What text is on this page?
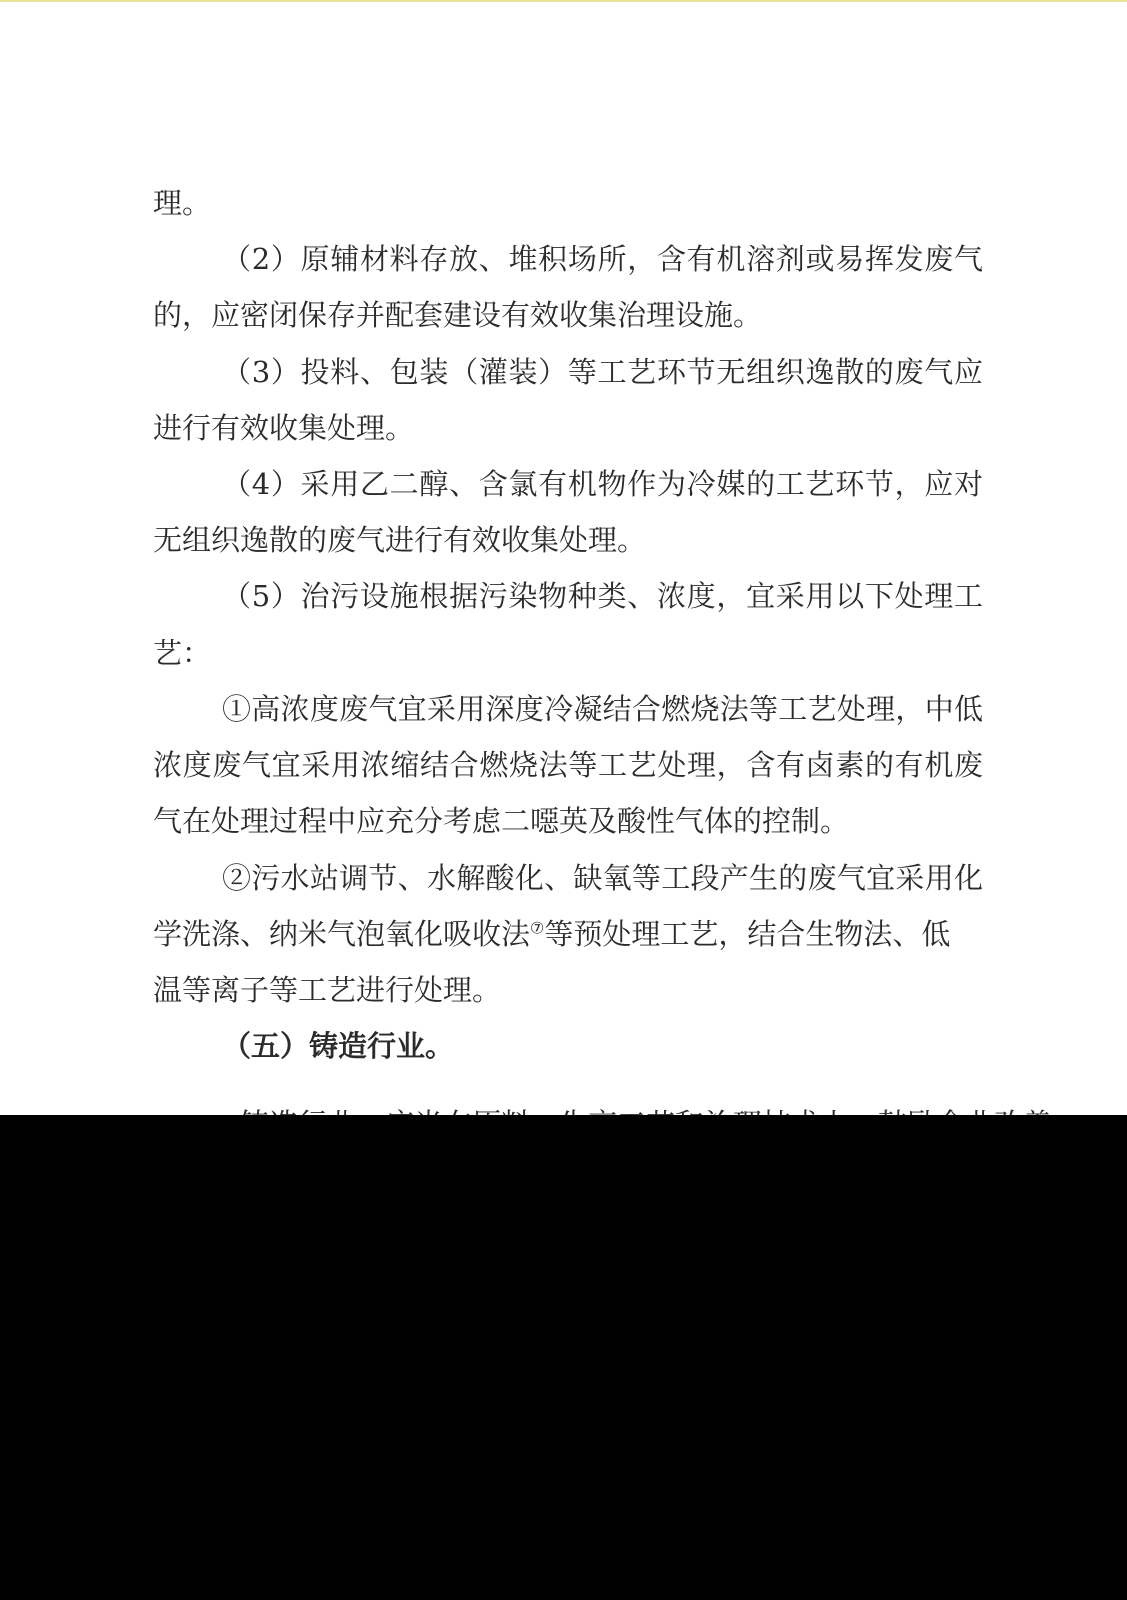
理。
（2）原辅材料存放、堆积场所，含有机溶剂或易挥发废气
的，应密闭保存并配套建设有效收集治理设施。
（3）投料、包装（灌装）等工艺环节无组织逸散的废气应
进行有效收集处理。
（4）采用乙二醇、含氯有机物作为冷媒的工艺环节，应对
无组织逸散的废气进行有效收集处理。
（5）治污设施根据污染物种类、浓度，宜采用以下处理工
艺：
①高浓度废气宜采用深度冷凝结合燃烧法等工艺处理，中低
浓度废气宜采用浓缩结合燃烧法等工艺处理，含有卤素的有机废
气在处理过程中应充分考虑二噁英及酸性气体的控制。
②污水站调节、水解酸化、缺氧等工段产生的废气宜采用化
学洗涤、纳米气泡氧化吸收法⑦等预处理工艺，结合生物法、低
温等离子等工艺进行处理。
（五）铸造行业。
